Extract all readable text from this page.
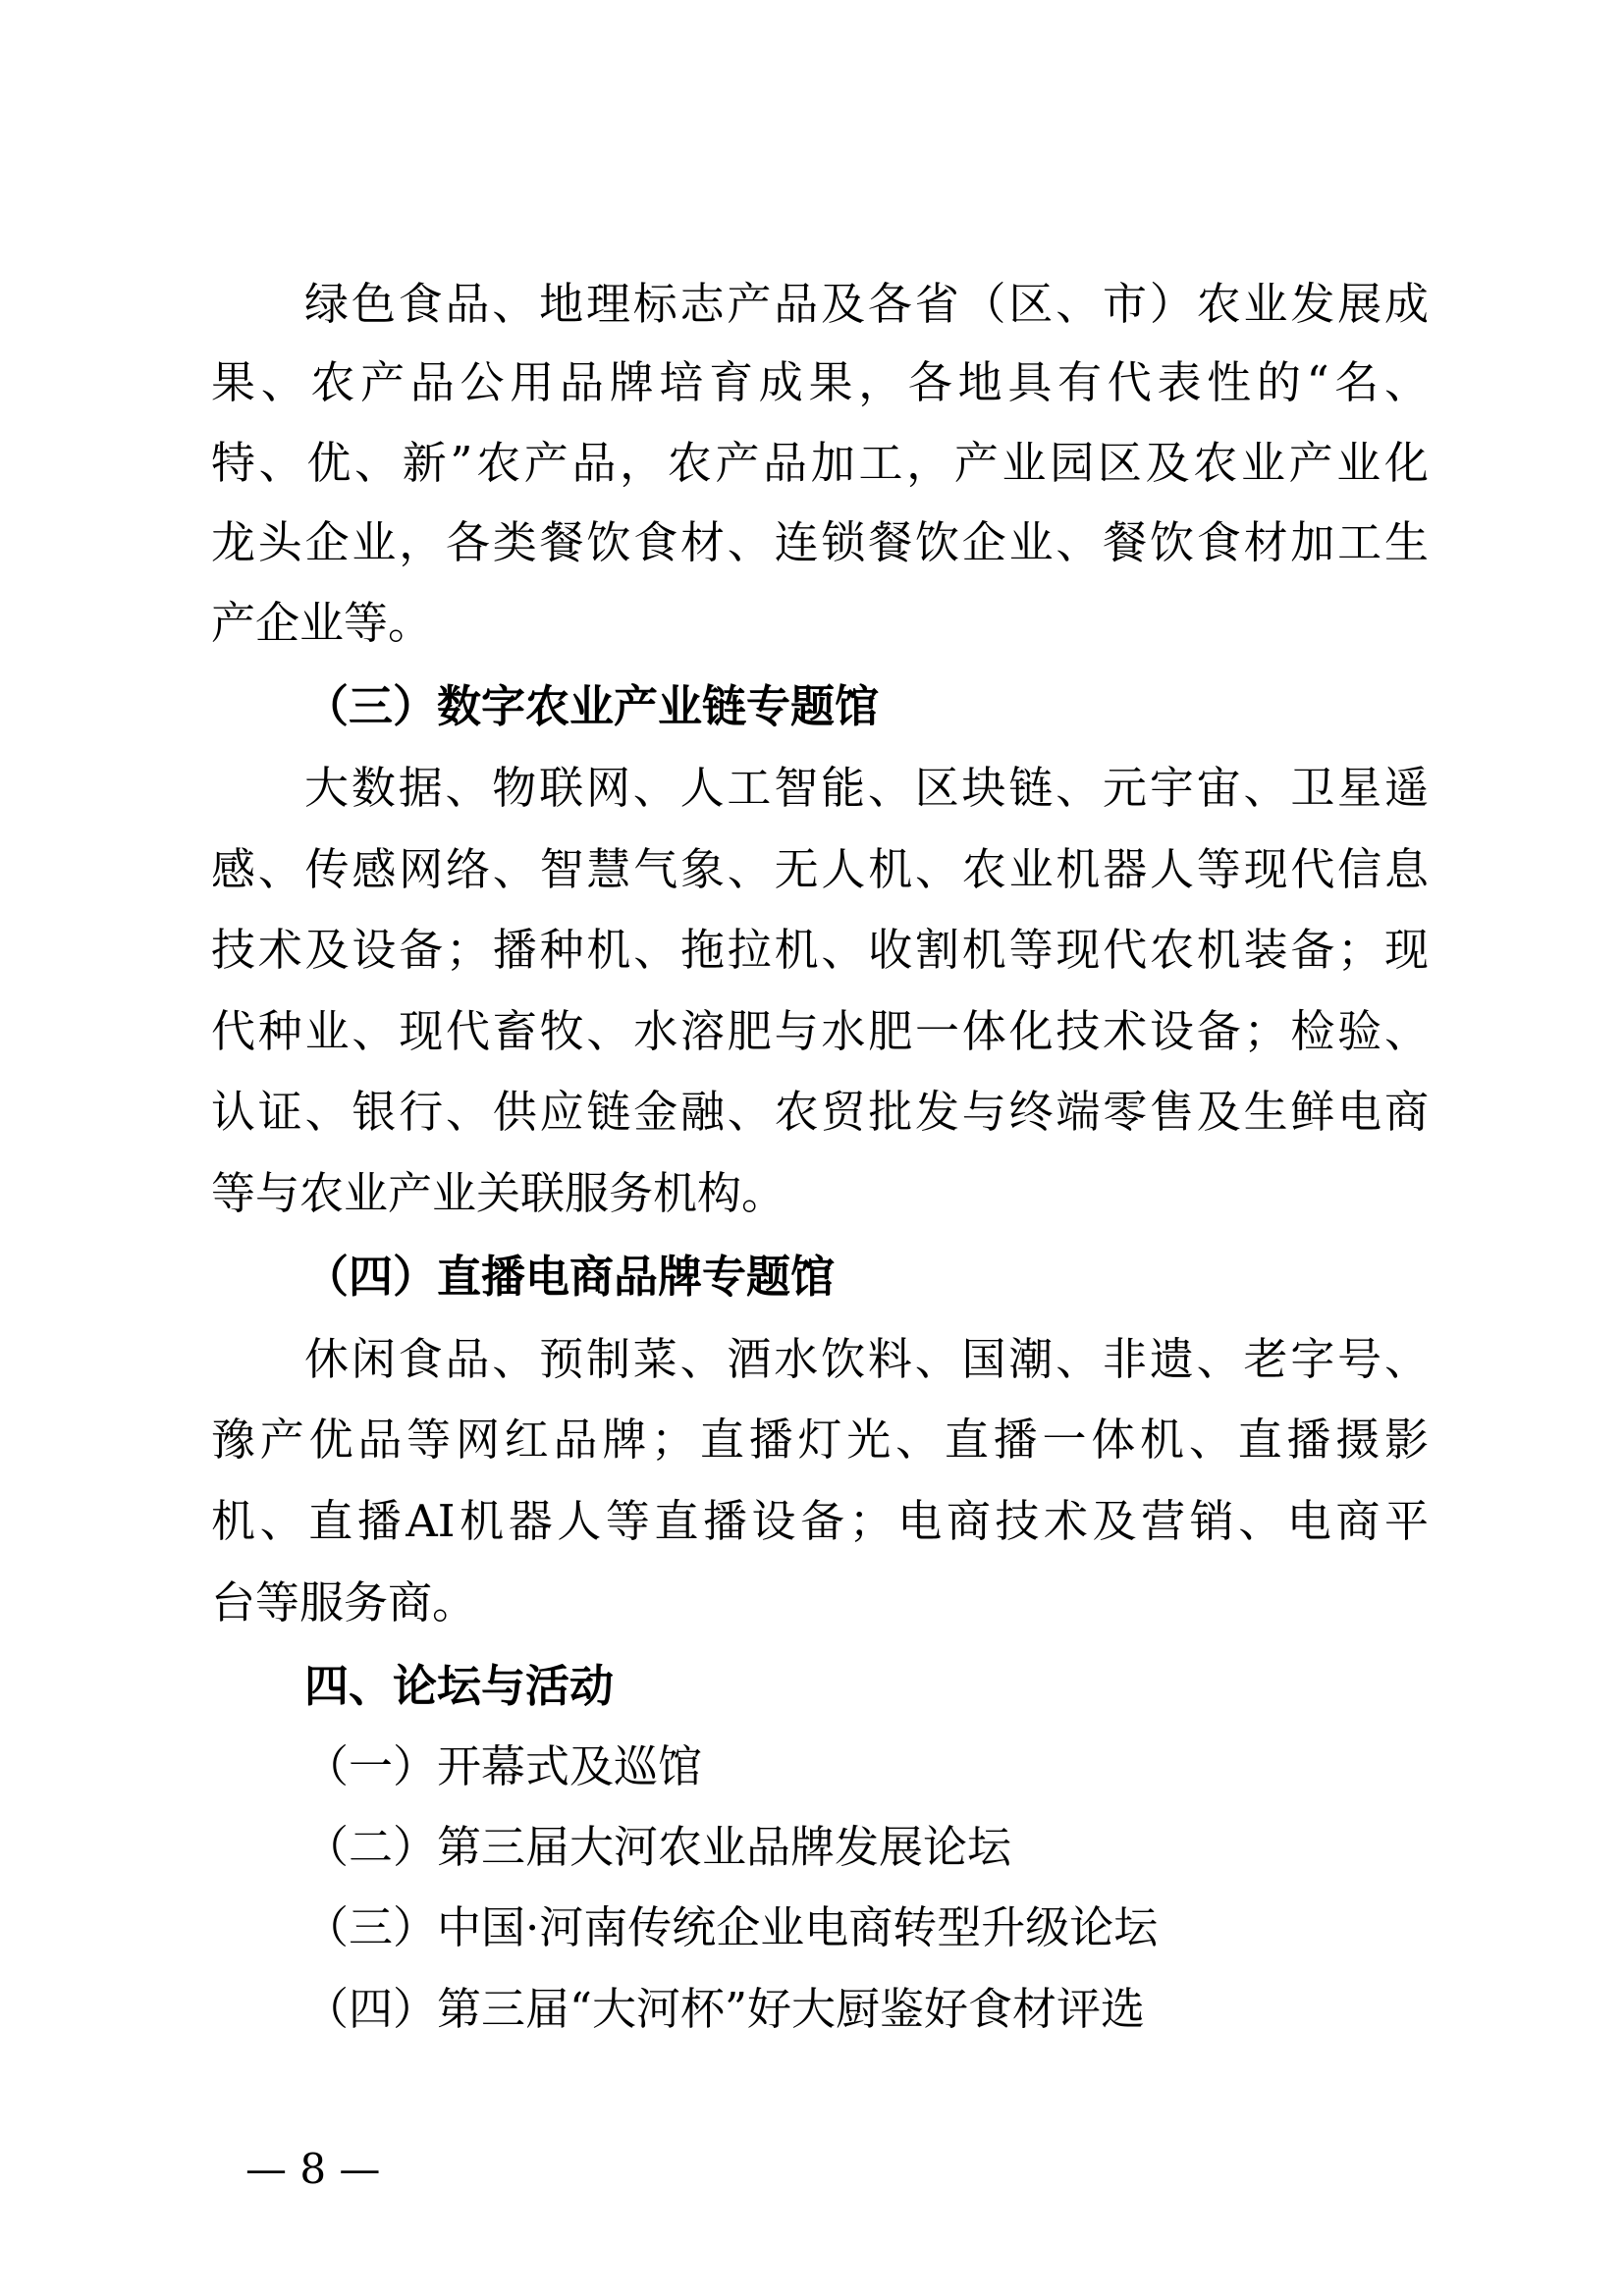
绿色食品、地理标志产品及各省（区、市）农业发展成
果、农产品公用品牌培育成果，各地具有代表性的“名、
特、优、新”农产品，农产品加工，产业园区及农业产业化
龙头企业，各类餐饮食材、连锁餐饮企业、餐饮食材加工生
产企业等。
（三）数字农业产业链专题馆
大数据、物联网、人工智能、区块链、元宇宙、卫星遥
感、传感网络、智慧气象、无人机、农业机器人等现代信息
技术及设备；播种机、拖拉机、收割机等现代农机装备；现
代种业、现代畜牧、水溶肥与水肥一体化技术设备；检验、
认证、银行、供应链金融、农贸批发与终端零售及生鲜电商
等与农业产业关联服务机构。
（四）直播电商品牌专题馆
休闲食品、预制菜、酒水饮料、国潮、非遗、老字号、
豫产优品等网红品牌；直播灯光、直播一体机、直播摄影
机、直播AI机器人等直播设备；电商技术及营销、电商平
台等服务商。
四、论坛与活动
（一）开幕式及巡馆
（二）第三届大河农业品牌发展论坛
（三）中国·河南传统企业电商转型升级论坛
（四）第三届“大河杯”好大厨鉴好食材评选
— 8 —
